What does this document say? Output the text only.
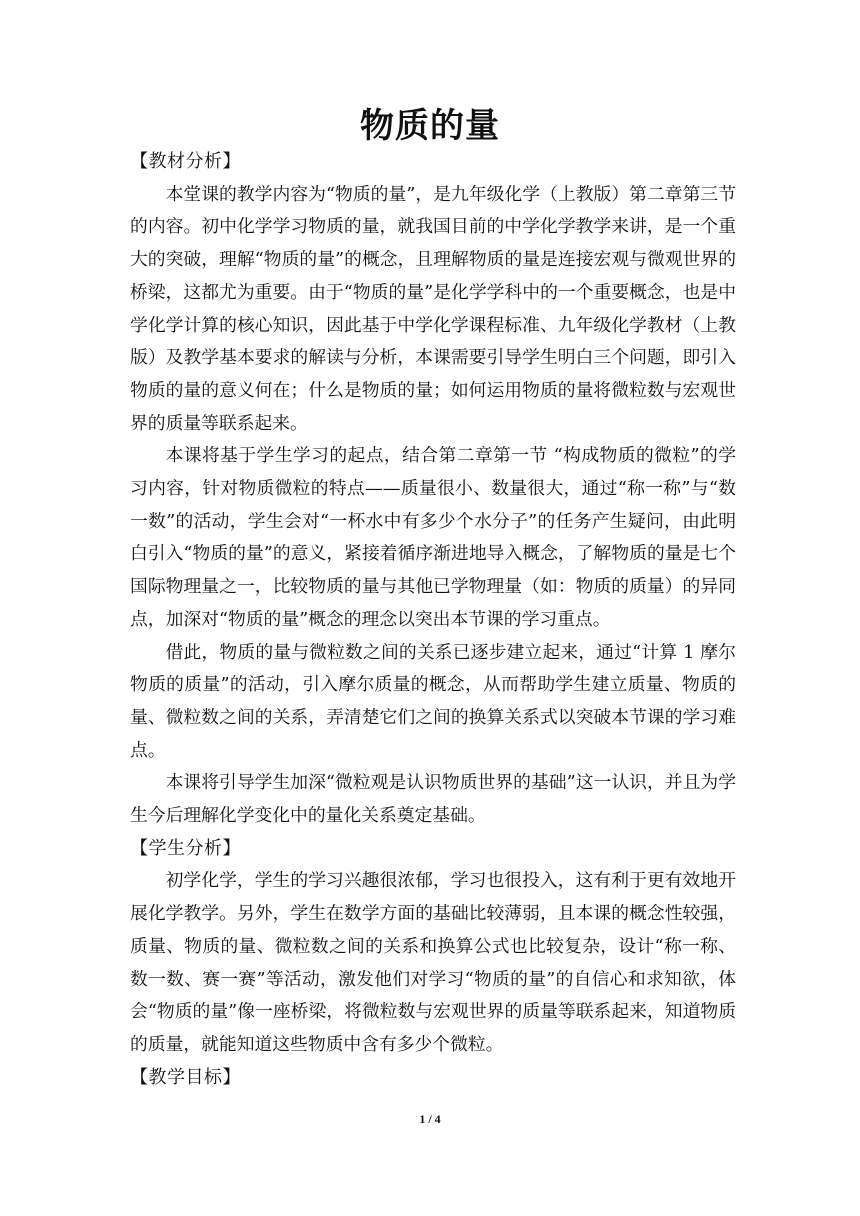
物质的量
【教材分析】

本堂课的教学内容为“物质的量”，是九年级化学（上教版）第二章第三节的内容。初中化学学习物质的量，就我国目前的中学化学教学来讲，是一个重大的突破，理解“物质的量”的概念，且理解物质的量是连接宏观与微观世界的桥梁，这都尤为重要。由于“物质的量”是化学学科中的一个重要概念，也是中学化学计算的核心知识，因此基于中学化学课程标准、九年级化学教材（上教版）及教学基本要求的解读与分析，本课需要引导学生明白三个问题，即引入物质的量的意义何在；什么是物质的量；如何运用物质的量将微粒数与宏观世界的质量等联系起来。

本课将基于学生学习的起点，结合第二章第一节 “构成物质的微粒”的学习内容，针对物质微粒的特点——质量很小、数量很大，通过“称一称”与“数一数”的活动，学生会对“一杯水中有多少个水分子”的任务产生疑问，由此明白引入“物质的量”的意义，紧接着循序渐进地导入概念，了解物质的量是七个国际物理量之一，比较物质的量与其他已学物理量（如：物质的质量）的异同点，加深对“物质的量”概念的理念以突出本节课的学习重点。

借此，物质的量与微粒数之间的关系已逐步建立起来，通过“计算 1 摩尔物质的质量”的活动，引入摩尔质量的概念，从而帮助学生建立质量、物质的量、微粒数之间的关系，弄清楚它们之间的换算关系式以突破本节课的学习难点。

本课将引导学生加深“微粒观是认识物质世界的基础”这一认识，并且为学生今后理解化学变化中的量化关系奠定基础。

【学生分析】

初学化学，学生的学习兴趣很浓郁，学习也很投入，这有利于更有效地开展化学教学。另外，学生在数学方面的基础比较薄弱，且本课的概念性较强，质量、物质的量、微粒数之间的关系和换算公式也比较复杂，设计“称一称、数一数、赛一赛”等活动，激发他们对学习“物质的量”的自信心和求知欲，体会“物质的量”像一座桥梁，将微粒数与宏观世界的质量等联系起来，知道物质的质量，就能知道这些物质中含有多少个微粒。

【教学目标】
1 / 4
